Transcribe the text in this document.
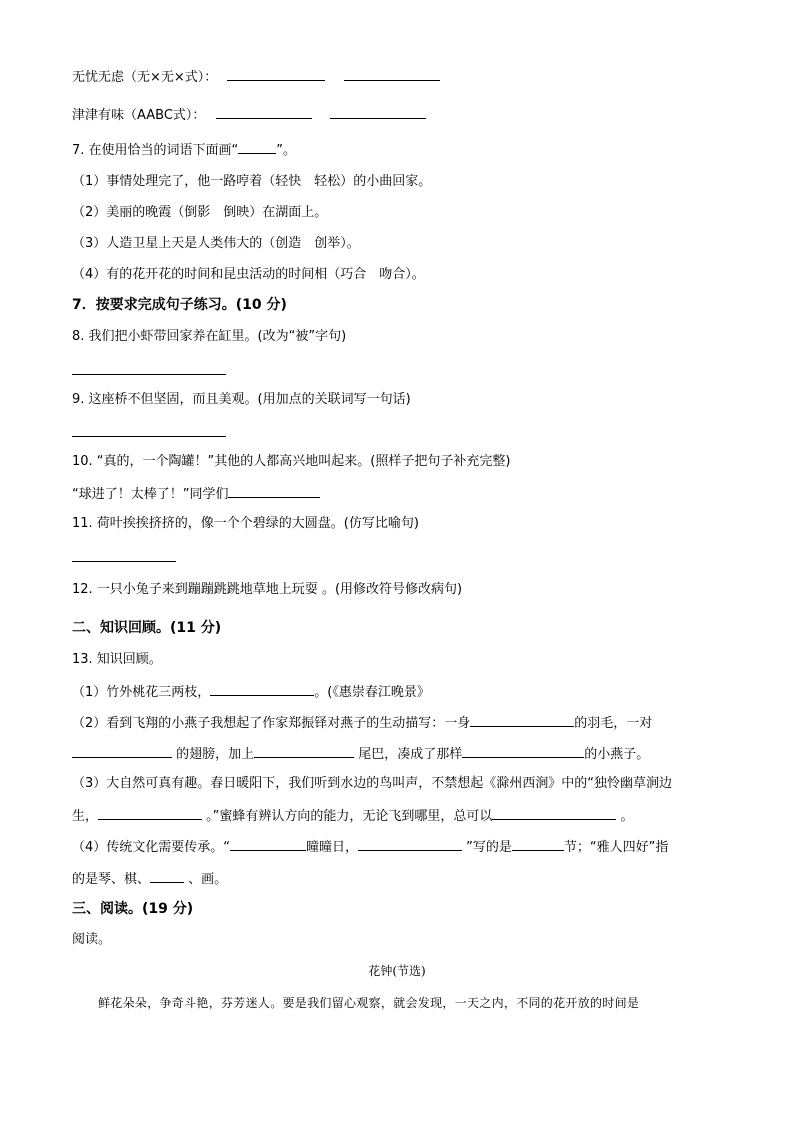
无忧无虑（无×无×式）：
津津有味（AABC式）：
7. 在使用恰当的词语下面画“	”。
（1）事情处理完了，他一路哼着（轻快　轻松）的小曲回家。
（2）美丽的晚霞（倒影　倒映）在湖面上。
（3）人造卫星上天是人类伟大的（创造　创举）。
（4）有的花开花的时间和昆虫活动的时间相（巧合　吻合）。
7．按要求完成句子练习。(10 分)
8. 我们把小虾带回家养在缸里。(改为“被”字句)
9. 这座桥不但坚固，而且美观。(用加点的关联词写一句话)
10. “真的，一个陶罐！”其他的人都高兴地叫起来。(照样子把句子补充完整)
“球进了！太棒了！”同学们
11. 荷叶挨挨挤挤的，像一个个碧绿的大圆盘。(仿写比喻句)
12. 一只小兔子来到蹦蹦跳跳地草地上玩耍 。(用修改符号修改病句)
二、知识回顾。(11 分)
13. 知识回顾。
（1）竹外桃花三两枝，	。(《惠崇春江晚景》
（2）看到飞翔的小燕子我想起了作家郑振铎对燕子的生动描写：一身	的羽毛，一对
的翅膀，加上	尾巴，凑成了那样	的小燕子。
（3）大自然可真有趣。春日暖阳下，我们听到水边的鸟叫声，不禁想起《滁州西涧》中的“独怜幽草涧边
生，	。”蜜蜂有辨认方向的能力，无论飞到哪里，总可以	。
（4）传统文化需要传承。“	曈曈日，	”写的是	节；“雅人四好”指
的是琴、棋、	、画。
三、阅读。(19 分)
阅读。
花钟(节选)
鲜花朵朵，争奇斗艳，芬芳迷人。要是我们留心观察，就会发现，一天之内，不同的花开放的时间是
